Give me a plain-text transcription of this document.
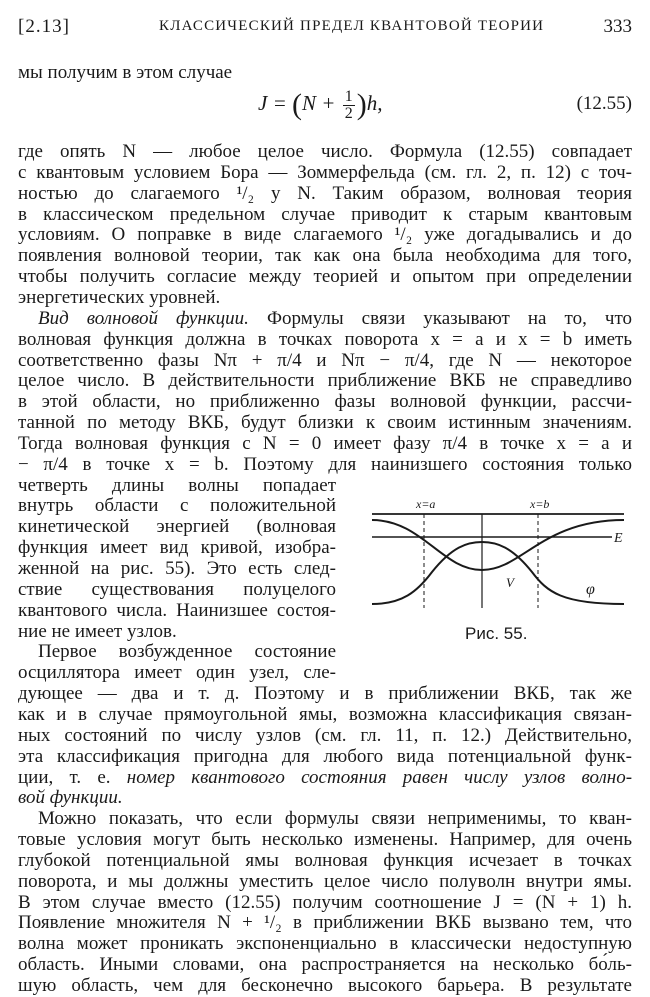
[2.13]	КЛАССИЧЕСКИЙ ПРЕДЕЛ КВАНТОВОЙ ТЕОРИИ	333
мы получим в этом случае
$J = (N + \frac{1}{2} )h$,	(12.55)
где опять N — любое целое число. Формула (12.55) совпадает
с квантовым условием Бора — Зоммерфельда (см. гл. 2, п. 12) с точ-
ностью до слагаемого ¹/₂ у N. Таким образом, волновая теория
в классическом предельном случае приводит к старым квантовым
условиям. О поправке в виде слагаемого ¹/₂ уже догадывались и до
появления волновой теории, так как она была необходима для того,
чтобы получить согласие между теорией и опытом при определении
энергетических уровней.
Вид волновой функции. Формулы связи указывают на то, что
волновая функция должна в точках поворота x = a и x = b иметь
соответственно фазы Nπ + π/4 и Nπ − π/4, где N — некоторое
целое число. В действительности приближение ВКБ не справедливо
в этой области, но приближенно фазы волновой функции, рассчи-
танной по методу ВКБ, будут близки к своим истинным значениям.
Тогда волновая функция с N = 0 имеет фазу π/4 в точке x = a и
− π/4 в точке x = b. Поэтому для наинизшего состояния только
четверть длины волны попадает
внутрь области с положительной
кинетической энергией (волновая
функция имеет вид кривой, изобра-
женной на рис. 55). Это есть след-
ствие существования полуцелого
квантового числа. Наинизшее состоя-
ние не имеет узлов.
x=a	x=b
E
V	φ
Рис. 55.
Первое возбужденное состояние
осциллятора имеет один узел, сле-
дующее — два и т. д. Поэтому и в приближении ВКБ, так же
как и в случае прямоугольной ямы, возможна классификация связан-
ных состояний по числу узлов (см. гл. 11, п. 12.) Действительно,
эта классификация пригодна для любого вида потенциальной функ-
ции, т. е. номер квантового состояния равен числу узлов волно-
вой функции.
Можно показать, что если формулы связи неприменимы, то кван-
товые условия могут быть несколько изменены. Например, для очень
глубокой потенциальной ямы волновая функция исчезает в точках
поворота, и мы должны уместить целое число полуволн внутри ямы.
В этом случае вместо (12.55) получим соотношение J = (N + 1) h.
Появление множителя N + ¹/₂ в приближении ВКБ вызвано тем, что
волна может проникать экспоненциально в классически недоступную
область. Иными словами, она распространяется на несколько бо́ль-
шую область, чем для бесконечно высокого барьера. В результате
